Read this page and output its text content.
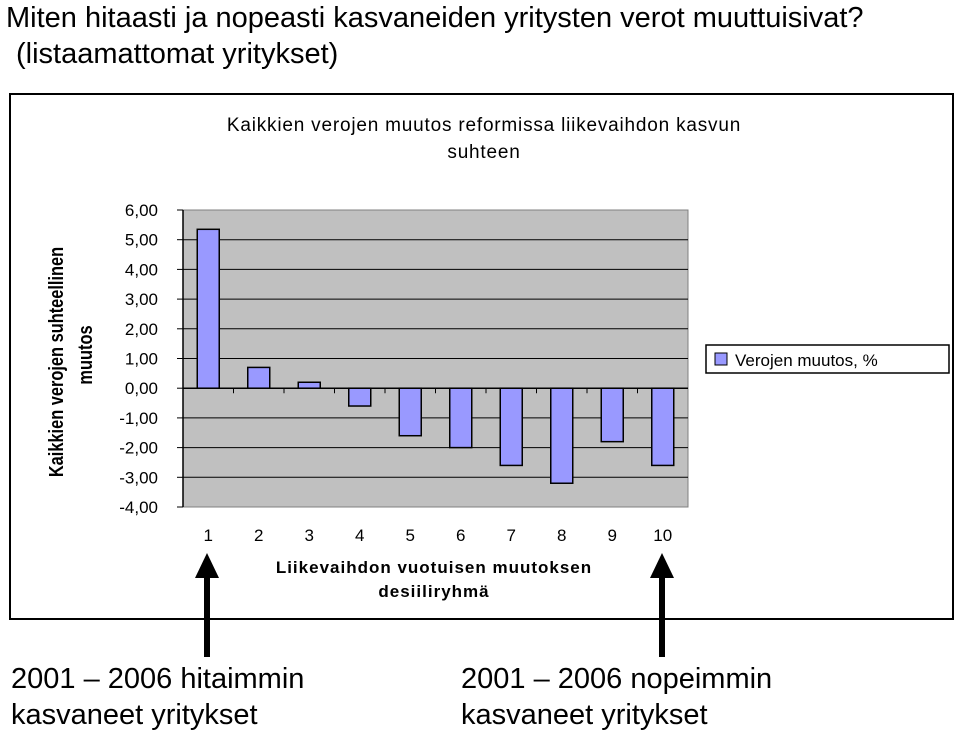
Miten hitaasti ja nopeasti kasvaneiden yritysten verot muuttuisivat?
(listaamattomat yritykset)
6,00
5,00
4,00
3,00
2,00
1,00
0,00
-1,00
-2,00
-3,00
-4,00
1 2 3 4 5 6 7 8 9 10
Kaikkien verojen muutos reformissa liikevaihdon kasvun
suhteen
Liikevaihdon vuotuisen muutoksen
desiiliryhmä
Kaikkien verojen suhteellinen muutos	Verojen muutos, %
2001 – 2006 hitaimmin
kasvaneet yritykset
2001 – 2006 nopeimmin
kasvaneet yritykset
